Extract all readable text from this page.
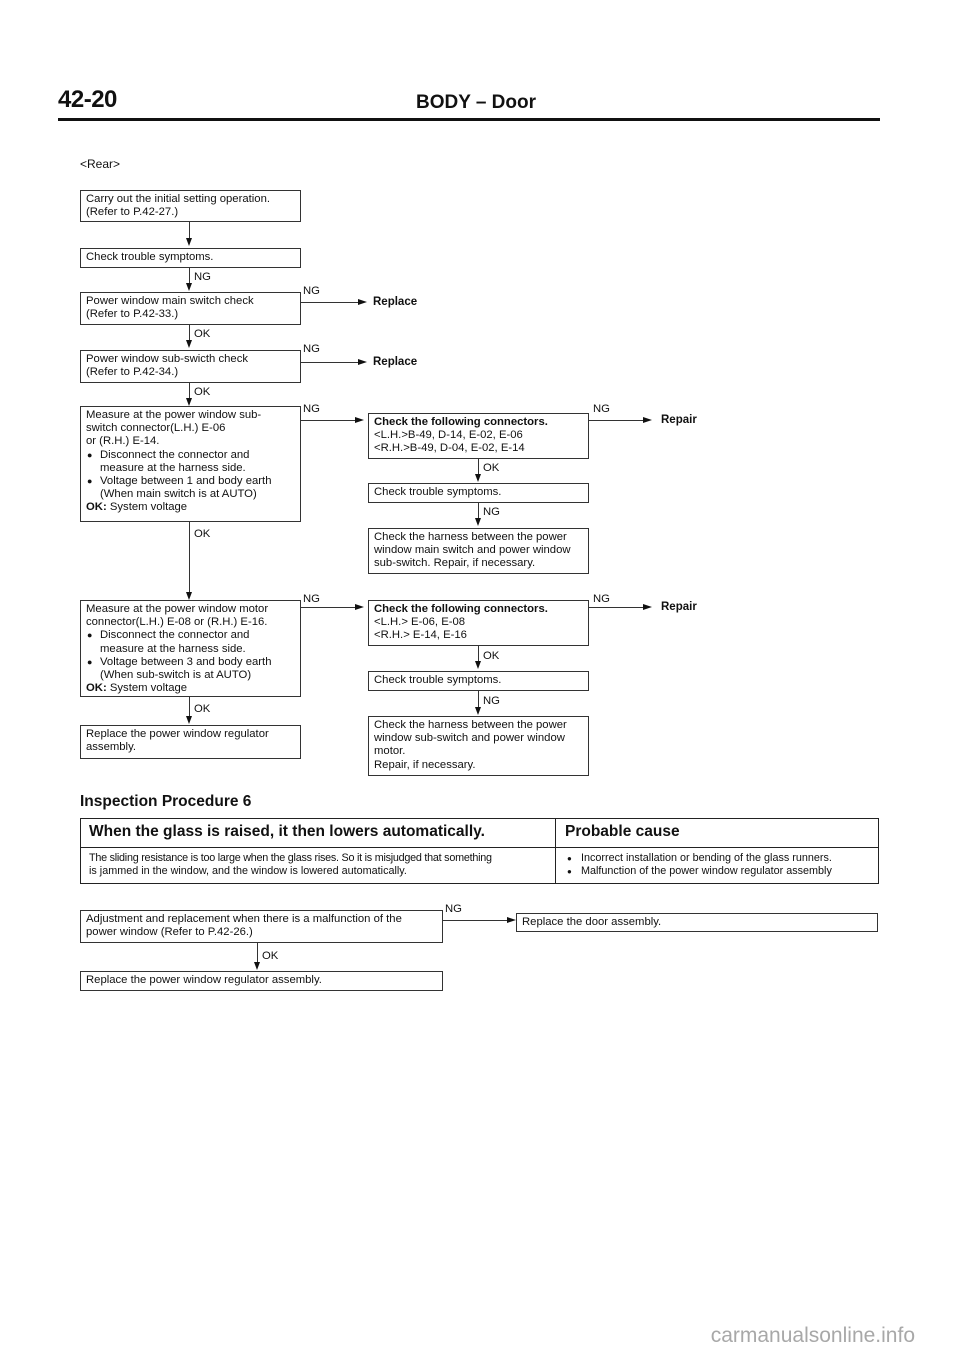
42-20	BODY – Door
<Rear>
Carry out the initial setting operation.
(Refer to P.42-27.)
Check trouble symptoms.
NG
Power window main switch check
(Refer to P.42-33.)
NG
Replace
OK
Power window sub-swicth check
(Refer to P.42-34.)
NG
Replace
OK
Measure at the power window sub-
switch connector(L.H.) E-06
or (R.H.) E-14.
● Disconnect the connector and
measure at the harness side.
● Voltage between 1 and body earth
(When main switch is at AUTO)
OK: System voltage
NG
OK
Measure at the power window motor
connector(L.H.) E-08 or (R.H.) E-16.
● Disconnect the connector and
measure at the harness side.
● Voltage between 3 and body earth
(When sub-switch is at AUTO)
OK: System voltage
NG
OK
Replace the power window regulator
assembly.
Check the following connectors.
<L.H.>B-49, D-14, E-02, E-06
<R.H.>B-49, D-04, E-02, E-14
NG
Repair
OK
Check trouble symptoms.
NG
Check the harness between the power
window main switch and power window
sub-switch. Repair, if necessary.
Check the following connectors.
<L.H.> E-06, E-08
<R.H.> E-14, E-16
NG
Repair
OK
Check trouble symptoms.
NG
Check the harness between the power
window sub-switch and power window
motor.
Repair, if necessary.
Inspection Procedure 6
When the glass is raised, it then lowers automatically.	Probable cause
The sliding resistance is too large when the glass rises. So it is misjudged that something
is jammed in the window, and the window is lowered automatically.
● Incorrect installation or bending of the glass runners.
● Malfunction of the power window regulator assembly
Adjustment and replacement when there is a malfunction of the
power window (Refer to P.42-26.)
NG
Replace the door assembly.
OK
Replace the power window regulator assembly.
carmanualsonline.info
